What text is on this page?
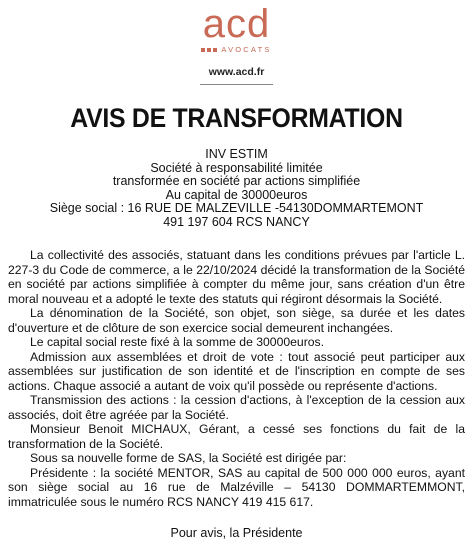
acd
AVOCATS
www.acd.fr
AVIS DE TRANSFORMATION
INV ESTIM
Société à responsabilité limitée
transformée en société par actions simplifiée
Au capital de 30000euros
Siège social : 16 RUE DE MALZEVILLE -54130DOMMARTEMONT
491 197 604 RCS NANCY

La collectivité des associés, statuant dans les conditions prévues par l'article L. 227-3 du Code de commerce, a le 22/10/2024 décidé la transformation de la Société en société par actions simplifiée à compter du même jour, sans création d'un être moral nouveau et a adopté le texte des statuts qui régiront désormais la Société.

La dénomination de la Société, son objet, son siège, sa durée et les dates d'ouverture et de clôture de son exercice social demeurent inchangées.

Le capital social reste fixé à la somme de 30000euros.

Admission aux assemblées et droit de vote : tout associé peut participer aux assemblées sur justification de son identité et de l'inscription en compte de ses actions. Chaque associé a autant de voix qu'il possède ou représente d'actions.

Transmission des actions : la cession d'actions, à l'exception de la cession aux associés, doit être agréée par la Société.

Monsieur Benoit MICHAUX, Gérant, a cessé ses fonctions du fait de la transformation de la Société.

Sous sa nouvelle forme de SAS, la Société est dirigée par:

Présidente : la société MENTOR, SAS au capital de 500 000 000 euros, ayant son siège social au 16 rue de Malzéville – 54130 DOMMARTEMMONT, immatriculée sous le numéro RCS NANCY 419 415 617.

Pour avis, la Présidente
